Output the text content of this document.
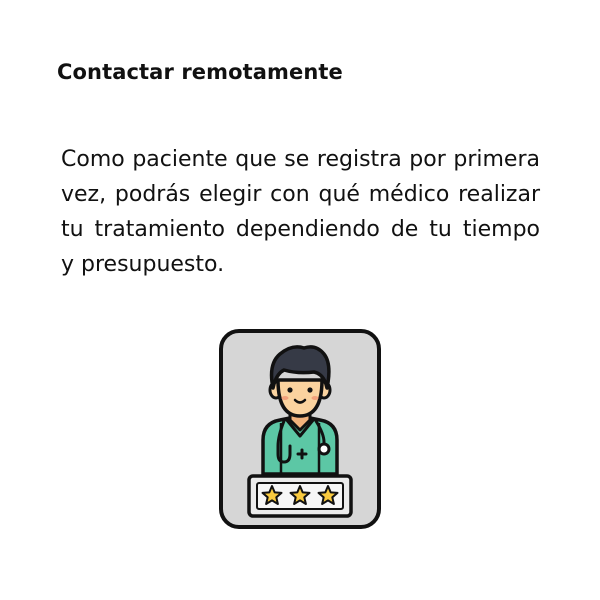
Contactar remotamente

Como paciente que se registra por primera vez, podrás elegir con qué médico realizar tu tratamiento dependiendo de tu tiempo y presupuesto.
